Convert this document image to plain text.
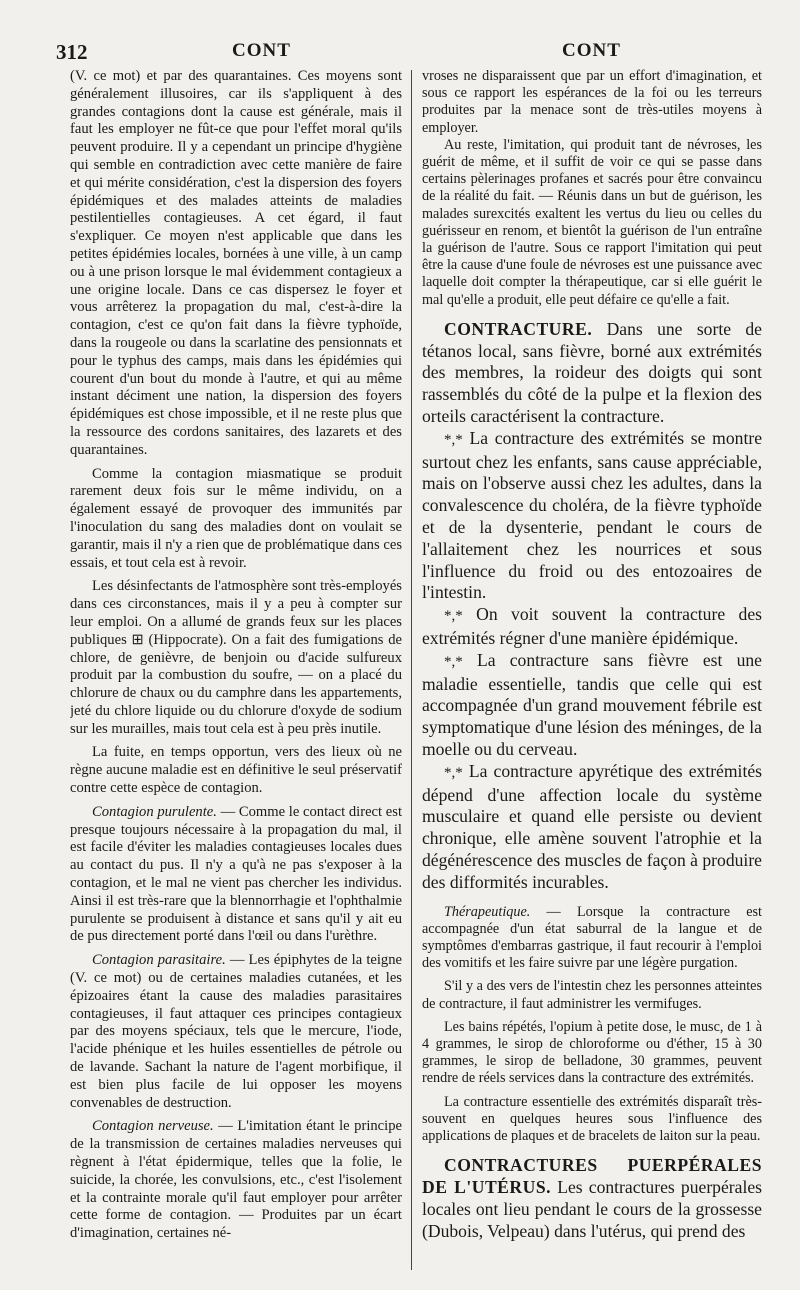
312	CONT	CONT

(V. ce mot) et par des quarantaines. Ces moyens sont généralement illusoires, car ils s'appliquent à des grandes contagions dont la cause est générale, mais il faut les employer ne fût-ce que pour l'effet moral qu'ils peuvent produire. Il y a cependant un principe d'hygiène qui semble en contradiction avec cette manière de faire et qui mérite considération, c'est la dispersion des foyers épidémiques et des malades atteints de maladies pestilentielles contagieuses. A cet égard, il faut s'expliquer. Ce moyen n'est applicable que dans les petites épidémies locales, bornées à une ville, à un camp ou à une prison lorsque le mal évidemment contagieux a une origine locale. Dans ce cas dispersez le foyer et vous arrêterez la propagation du mal, c'est-à-dire la contagion, c'est ce qu'on fait dans la fièvre typhoïde, dans la rougeole ou dans la scarlatine des pensionnats et pour le typhus des camps, mais dans les épidémies qui courent d'un bout du monde à l'autre, et qui au même instant déciment une nation, la dispersion des foyers épidémiques est chose impossible, et il ne reste plus que la ressource des cordons sanitaires, des lazarets et des quarantaines.

Comme la contagion miasmatique se produit rarement deux fois sur le même individu, on a également essayé de provoquer des immunités par l'inoculation du sang des maladies dont on voulait se garantir, mais il n'y a rien que de problématique dans ces essais, et tout cela est à revoir.

Les désinfectants de l'atmosphère sont très-employés dans ces circonstances, mais il y a peu à compter sur leur emploi. On a allumé de grands feux sur les places publiques ⊞ (Hippocrate). On a fait des fumigations de chlore, de genièvre, de benjoin ou d'acide sulfureux produit par la combustion du soufre, — on a placé du chlorure de chaux ou du camphre dans les appartements, jeté du chlore liquide ou du chlorure d'oxyde de sodium sur les murailles, mais tout cela est à peu près inutile.

La fuite, en temps opportun, vers des lieux où ne règne aucune maladie est en définitive le seul préservatif contre cette espèce de contagion.

Contagion purulente. — Comme le contact direct est presque toujours nécessaire à la propagation du mal, il est facile d'éviter les maladies contagieuses locales dues au contact du pus. Il n'y a qu'à ne pas s'exposer à la contagion, et le mal ne vient pas chercher les individus. Ainsi il est très-rare que la blennorrhagie et l'ophthalmie purulente se produisent à distance et sans qu'il y ait eu de pus directement porté dans l'œil ou dans l'urèthre.

Contagion parasitaire. — Les épiphytes de la teigne (V. ce mot) ou de certaines maladies cutanées, et les épizoaires étant la cause des maladies parasitaires contagieuses, il faut attaquer ces principes contagieux par des moyens spéciaux, tels que le mercure, l'iode, l'acide phénique et les huiles essentielles de pétrole ou de lavande. Sachant la nature de l'agent morbifique, il est bien plus facile de lui opposer les moyens convenables de destruction.

Contagion nerveuse. — L'imitation étant le principe de la transmission de certaines maladies nerveuses qui règnent à l'état épidermique, telles que la folie, le suicide, la chorée, les convulsions, etc., c'est l'isolement et la contrainte morale qu'il faut employer pour arrêter cette forme de contagion. — Produites par un écart d'imagination, certaines né-

vroses ne disparaissent que par un effort d'imagination, et sous ce rapport les espérances de la foi ou les terreurs produites par la menace sont de très-utiles moyens à employer.

Au reste, l'imitation, qui produit tant de névroses, les guérit de même, et il suffit de voir ce qui se passe dans certains pèlerinages profanes et sacrés pour être convaincu de la réalité du fait. — Réunis dans un but de guérison, les malades surexcités exaltent les vertus du lieu ou celles du guérisseur en renom, et bientôt la guérison de l'un entraîne la guérison de l'autre. Sous ce rapport l'imitation qui peut être la cause d'une foule de névroses est une puissance avec laquelle doit compter la thérapeutique, car si elle guérit le mal qu'elle a produit, elle peut défaire ce qu'elle a fait.

CONTRACTURE. Dans une sorte de tétanos local, sans fièvre, borné aux extrémités des membres, la roideur des doigts qui sont rassemblés du côté de la pulpe et la flexion des orteils caractérisent la contracture.

*,* La contracture des extrémités se montre surtout chez les enfants, sans cause appréciable, mais on l'observe aussi chez les adultes, dans la convalescence du choléra, de la fièvre typhoïde et de la dysenterie, pendant le cours de l'allaitement chez les nourrices et sous l'influence du froid ou des entozoaires de l'intestin.

*,* On voit souvent la contracture des extrémités régner d'une manière épidémique.

*,* La contracture sans fièvre est une maladie essentielle, tandis que celle qui est accompagnée d'un grand mouvement fébrile est symptomatique d'une lésion des méninges, de la moelle ou du cerveau.

*,* La contracture apyrétique des extrémités dépend d'une affection locale du système musculaire et quand elle persiste ou devient chronique, elle amène souvent l'atrophie et la dégénérescence des muscles de façon à produire des difformités incurables.

Thérapeutique. — Lorsque la contracture est accompagnée d'un état saburral de la langue et de symptômes d'embarras gastrique, il faut recourir à l'emploi des vomitifs et les faire suivre par une légère purgation.

S'il y a des vers de l'intestin chez les personnes atteintes de contracture, il faut administrer les vermifuges.

Les bains répétés, l'opium à petite dose, le musc, de 1 à 4 grammes, le sirop de chloroforme ou d'éther, 15 à 30 grammes, le sirop de belladone, 30 grammes, peuvent rendre de réels services dans la contracture des extrémités.

La contracture essentielle des extrémités disparaît très-souvent en quelques heures sous l'influence des applications de plaques et de bracelets de laiton sur la peau.

CONTRACTURES PUERPÉRALES DE L'UTÉRUS. Les contractures puerpérales locales ont lieu pendant le cours de la grossesse (Dubois, Velpeau) dans l'utérus, qui prend des
